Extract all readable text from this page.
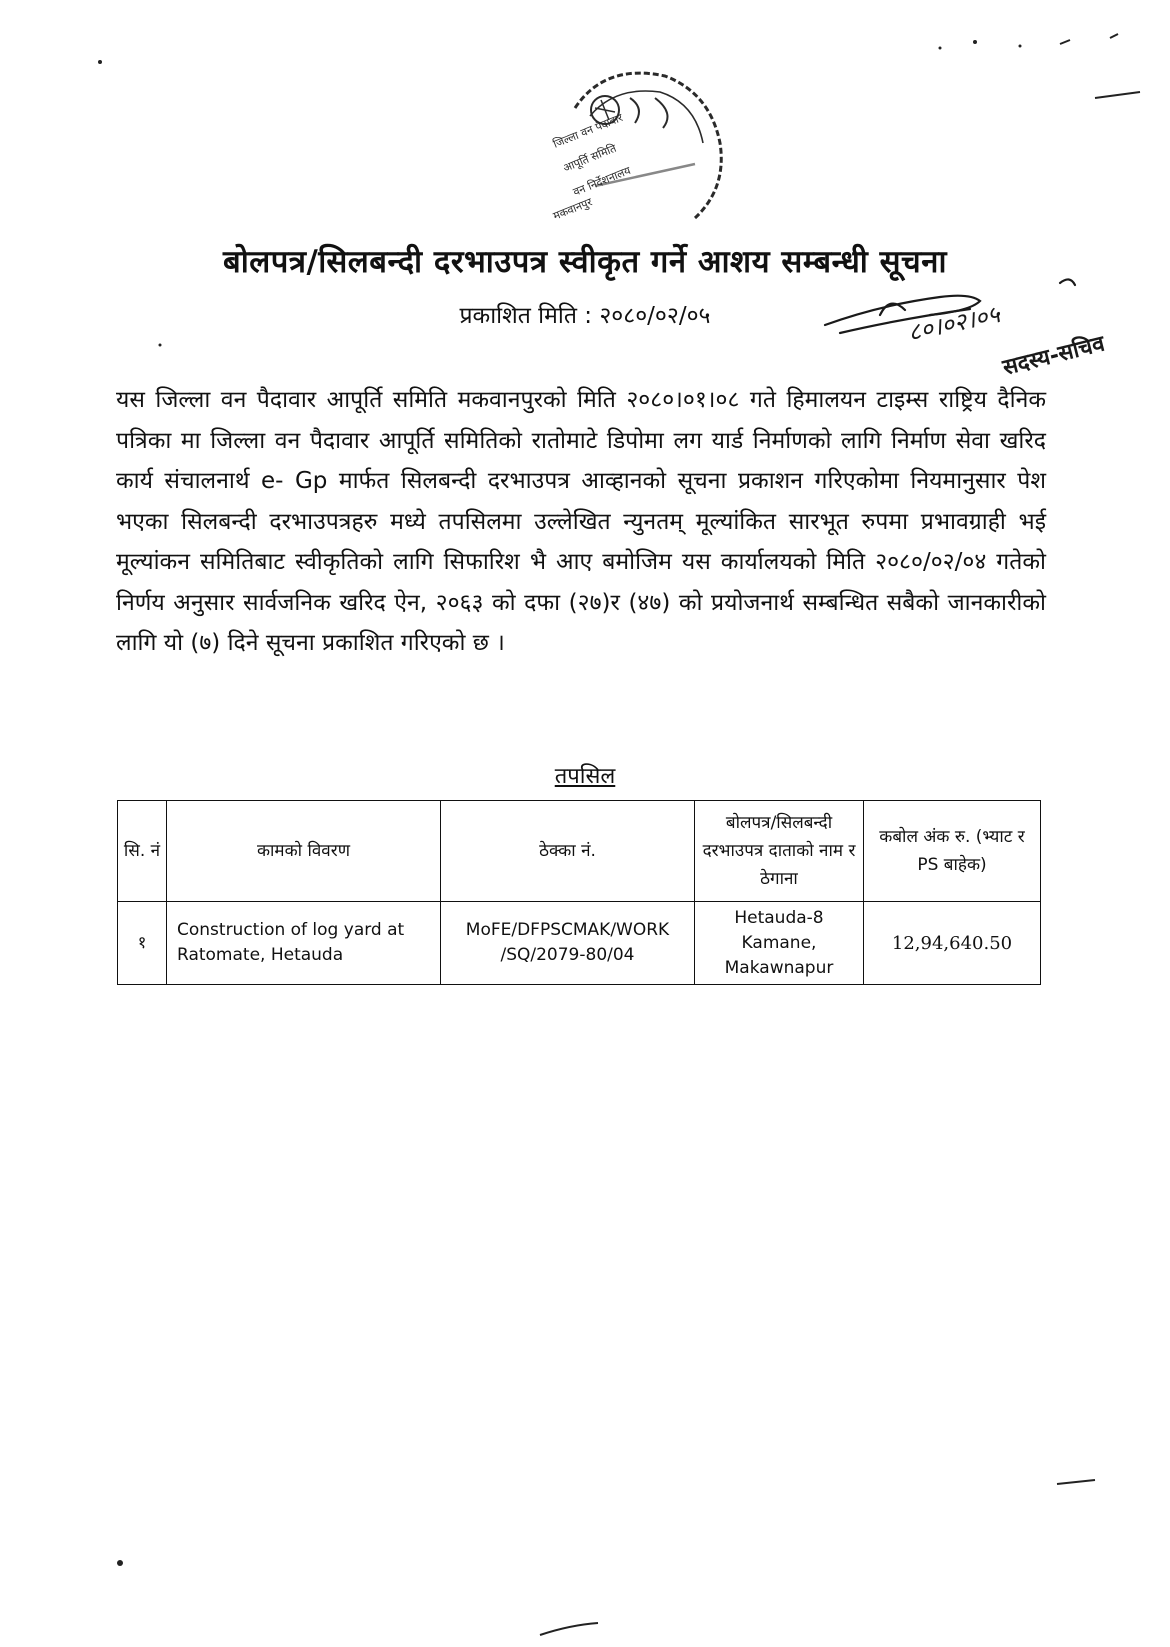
जिल्ला वन पैदावार
आपूर्ति समिति
वन निर्देशनालय
मकवानपुर
बोलपत्र/सिलबन्दी दरभाउपत्र स्वीकृत गर्ने आशय सम्बन्धी सूचना
प्रकाशित मिति : २०८०/०२/०५	८०।०२।०५
सदस्य-सचिव
यस जिल्ला वन पैदावार आपूर्ति समिति मकवानपुरको मिति २०८०।०१।०८ गते हिमालयन टाइम्स राष्ट्रिय दैनिक पत्रिका मा जिल्ला वन पैदावार आपूर्ति समितिको रातोमाटे डिपोमा लग यार्ड निर्माणको लागि निर्माण सेवा खरिद कार्य संचालनार्थ e- Gp मार्फत सिलबन्दी दरभाउपत्र आव्हानको सूचना प्रकाशन गरिएकोमा नियमानुसार पेश भएका सिलबन्दी दरभाउपत्रहरु मध्ये तपसिलमा उल्लेखित न्युनतम् मूल्यांकित सारभूत रुपमा प्रभावग्राही भई मूल्यांकन समितिबाट स्वीकृतिको लागि सिफारिश भै आए बमोजिम यस कार्यालयको मिति २०८०/०२/०४ गतेको निर्णय अनुसार सार्वजनिक खरिद ऐन, २०६३ को दफा (२७)र (४७) को प्रयोजनार्थ सम्बन्धित सबैको जानकारीको लागि यो (७) दिने सूचना प्रकाशित गरिएको छ ।
तपसिल
सि. नं	कामको विवरण	ठेक्का नं.	बोलपत्र/सिलबन्दी दरभाउपत्र दाताको नाम र ठेगाना	कबोल अंक रु. (भ्याट र PS बाहेक)
१	Construction of log yard at Ratomate, Hetauda	MoFE/DFPSCMAK/WORK /SQ/2079-80/04	Hetauda-8 Kamane, Makawnapur	12,94,640.50
